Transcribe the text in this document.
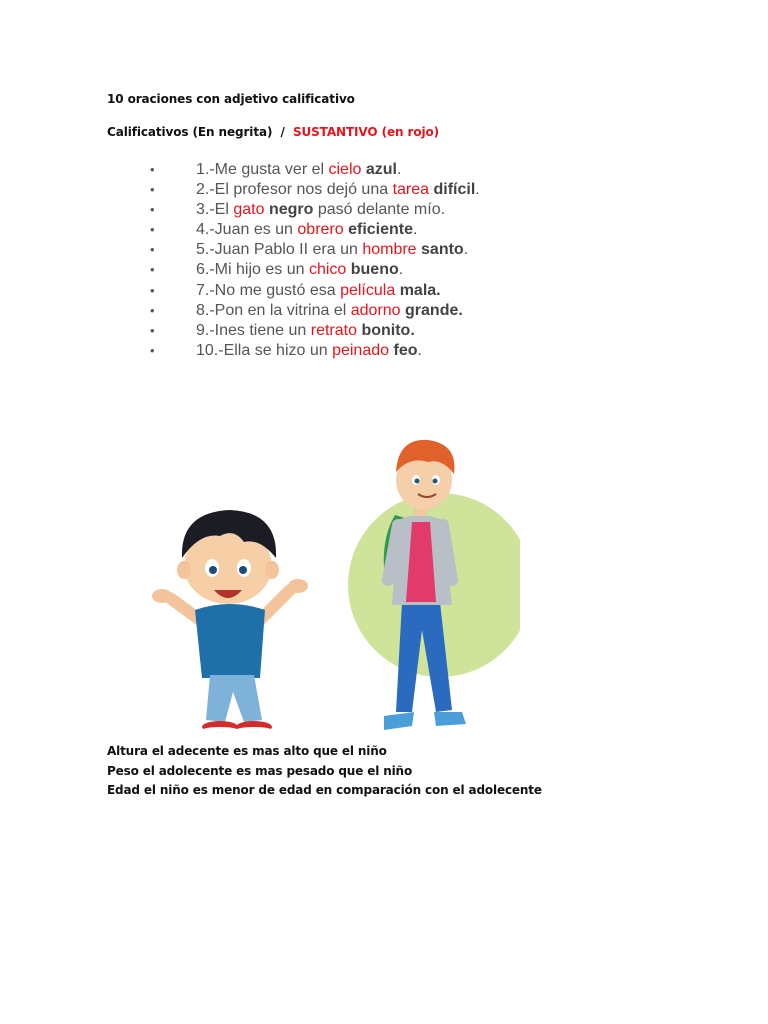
10 oraciones con adjetivo calificativo

Calificativos (En negrita) / SUSTANTIVO (en rojo)

• 1.-Me gusta ver el cielo azul.
• 2.-El profesor nos dejó una tarea difícil.
• 3.-El gato negro pasó delante mío.
• 4.-Juan es un obrero eficiente.
• 5.-Juan Pablo II era un hombre santo.
• 6.-Mi hijo es un chico bueno.
• 7.-No me gustó esa película mala.
• 8.-Pon en la vitrina el adorno grande.
• 9.-Ines tiene un retrato bonito.
• 10.-Ella se hizo un peinado feo.
Altura el adecente es mas alto que el niño
Peso el adolecente es mas pesado que el niño
Edad el niño es menor de edad en comparación con el adolecente
